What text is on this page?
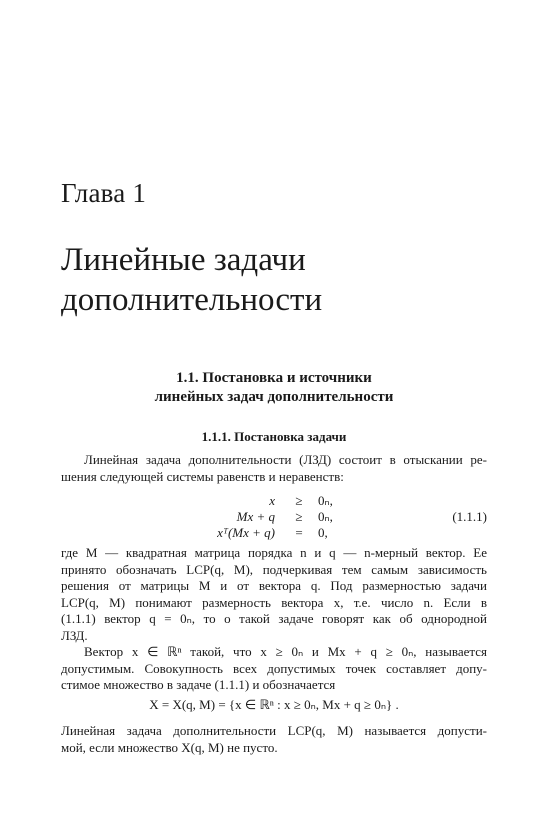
Глава 1
Линейные задачи
дополнительности
1.1. Постановка и источники
линейных задач дополнительности
1.1.1. Постановка задачи
Линейная задача дополнительности (ЛЗД) состоит в отыскании ре-
шения следующей системы равенств и неравенств:
x	≥	0ₙ,
Mx + q	≥	0ₙ,
xᵀ(Mx + q)	=	0,
(1.1.1)
где M — квадратная матрица порядка n и q — n-мерный вектор. Ее
принято обозначать LCP(q, M), подчеркивая тем самым зависимость
решения от матрицы M и от вектора q. Под размерностью задачи
LCP(q, M) понимают размерность вектора x, т.е. число n. Если в
(1.1.1) вектор q = 0ₙ, то о такой задаче говорят как об однородной
ЛЗД.
Вектор x ∈ ℝⁿ такой, что x ≥ 0ₙ и Mx + q ≥ 0ₙ, называется
допустимым. Совокупность всех допустимых точек составляет допу-
стимое множество в задаче (1.1.1) и обозначается
X = X(q, M) = {x ∈ ℝⁿ : x ≥ 0ₙ, Mx + q ≥ 0ₙ} .
Линейная задача дополнительности LCP(q, M) называется допусти-
мой, если множество X(q, M) не пусто.
